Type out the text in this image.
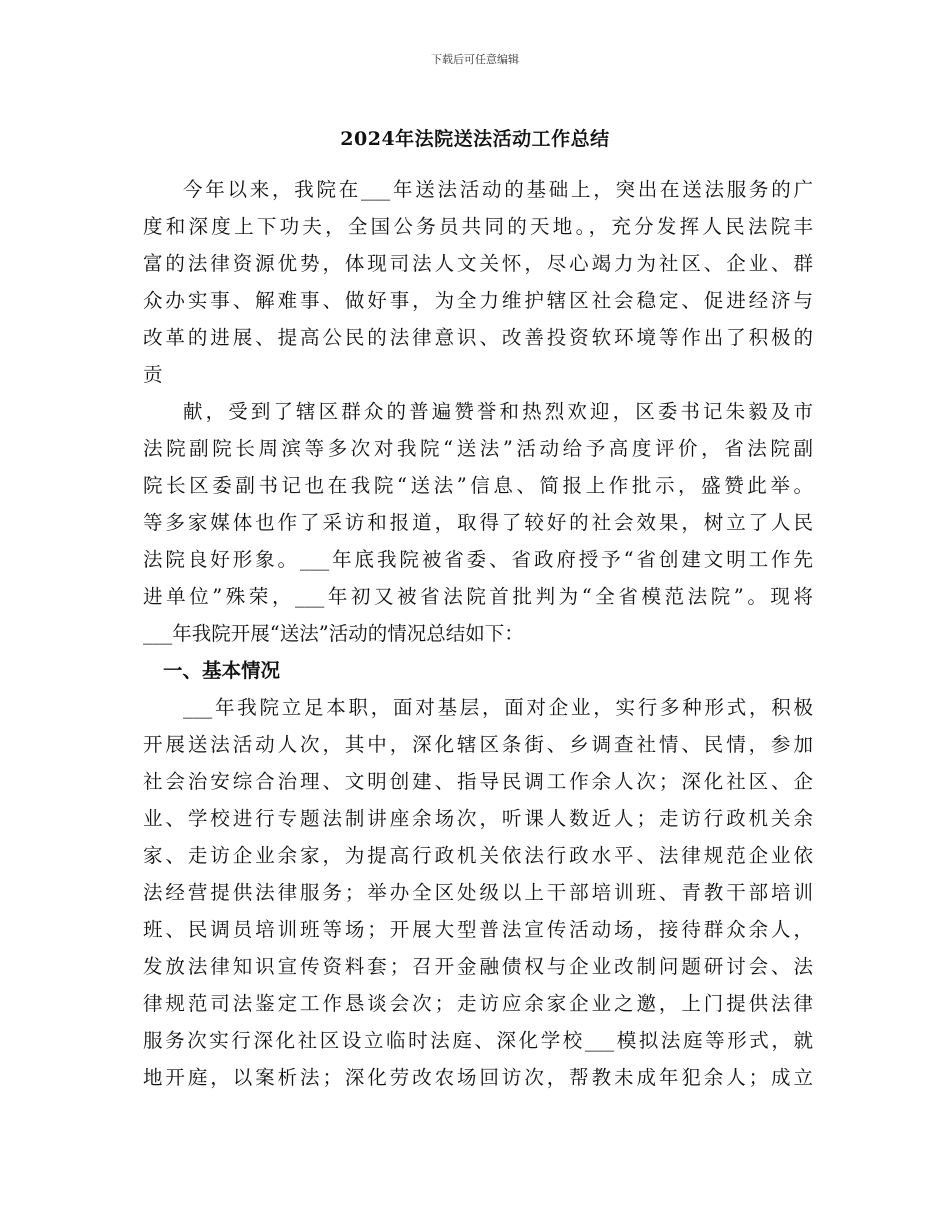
下载后可任意编辑
2024年法院送法活动工作总结
今年以来，我院在___年送法活动的基础上，突出在送法服务的广
度和深度上下功夫，全国公务员共同的天地。，充分发挥人民法院丰
富的法律资源优势，体现司法人文关怀，尽心竭力为社区、企业、群
众办实事、解难事、做好事，为全力维护辖区社会稳定、促进经济与
改革的进展、提高公民的法律意识、改善投资软环境等作出了积极的
贡
献，受到了辖区群众的普遍赞誉和热烈欢迎，区委书记朱毅及市
法院副院长周滨等多次对我院“送法”活动给予高度评价，省法院副
院长区委副书记也在我院“送法”信息、简报上作批示，盛赞此举。
等多家媒体也作了采访和报道，取得了较好的社会效果，树立了人民
法院良好形象。___年底我院被省委、省政府授予“省创建文明工作先
进单位”殊荣，___年初又被省法院首批判为“全省模范法院”。现将
___年我院开展“送法”活动的情况总结如下：
一、基本情况
___年我院立足本职，面对基层，面对企业，实行多种形式，积极
开展送法活动人次，其中，深化辖区条街、乡调查社情、民情，参加
社会治安综合治理、文明创建、指导民调工作余人次；深化社区、企
业、学校进行专题法制讲座余场次，听课人数近人；走访行政机关余
家、走访企业余家，为提高行政机关依法行政水平、法律规范企业依
法经营提供法律服务；举办全区处级以上干部培训班、青教干部培训
班、民调员培训班等场；开展大型普法宣传活动场，接待群众余人，
发放法律知识宣传资料套；召开金融债权与企业改制问题研讨会、法
律规范司法鉴定工作恳谈会次；走访应余家企业之邀，上门提供法律
服务次实行深化社区设立临时法庭、深化学校___模拟法庭等形式，就
地开庭，以案析法；深化劳改农场回访次，帮教未成年犯余人；成立
